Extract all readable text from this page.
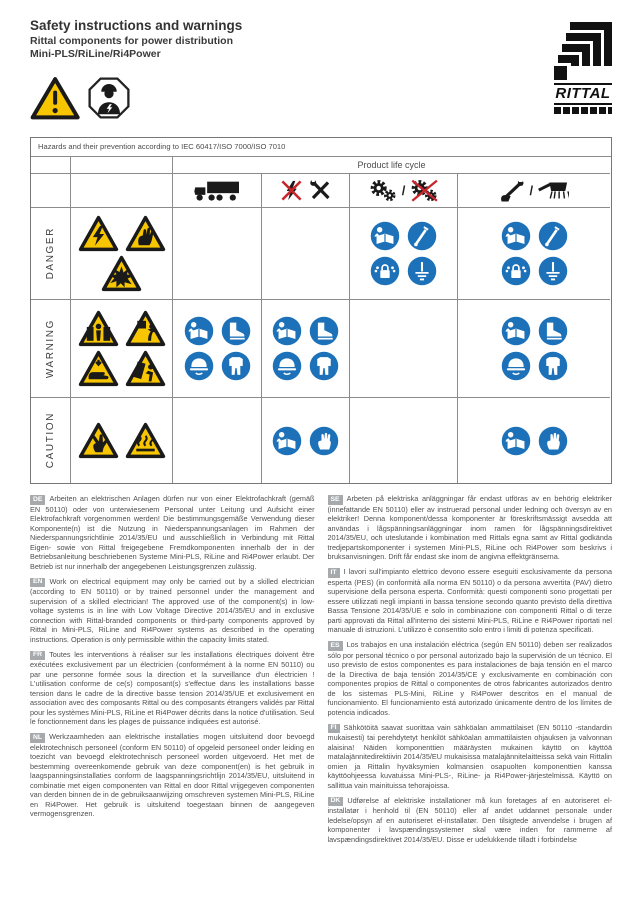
Safety instructions and warnings
Rittal components for power distribution
Mini-PLS/RiLine/Ri4Power
RITTAL
Hazards and their prevention according to IEC 60417/ISO 7000/ISO 7010
Product life cycle
/	/
DANGER
WARNING
CAUTION

DE Arbeiten an elektrischen Anlagen dürfen nur von einer Elektrofachkraft (gemäß EN 50110) oder von unterwiesenem Personal unter Leitung und Aufsicht einer Elektrofachkraft vorgenommen werden! Die bestimmungsgemäße Verwendung dieser Komponente(n) ist die Nutzung in Niederspannungsanlagen im Rahmen der Niederspannungsrichtlinie 2014/35/EU und ausschließlich in Verbindung mit Rittal Eigen- sowie von Rittal freigegebene Fremdkomponenten innerhalb der in der Betriebsanleitung beschriebenen Systeme Mini-PLS, RiLine and Ri4Power erlaubt. Der Betrieb ist nur innerhalb der angegebenen Leistungsgrenzen zulässig.

EN Work on electrical equipment may only be carried out by a skilled electrician (according to EN 50110) or by trained personnel under the management and supervision of a skilled electrician! The approved use of the component(s) in low-voltage systems is in line with Low Voltage Directive 2014/35/EU and in exclusive connection with Rittal-branded components or third-party components approved by Rittal in Mini-PLS, RiLine and Ri4Power systems as described in the operating instructions. Operation is only permissible within the capacity limits stated.

FR Toutes les interventions à réaliser sur les installations électriques doivent être exécutées exclusivement par un électricien (conformément à la norme EN 50110) ou par une personne formée sous la direction et la surveillance d'un électricien ! L'utilisation conforme de ce(s) composant(s) s'effectue dans les installations basse tension dans le cadre de la directive basse tension 2014/35/UE et exclusivement en association avec des composants Rittal ou des composants étrangers validés par Rittal pour les systèmes Mini-PLS, RiLine et Ri4Power décrits dans la notice d'utilisation. Seul le fonctionnement dans les plages de puissance indiquées est autorisé.

NL Werkzaamheden aan elektrische installaties mogen uitsluitend door bevoegd elektrotechnisch personeel (conform EN 50110) of opgeleid personeel onder leiding en toezicht van bevoegd elektrotechnisch personeel worden uitgevoerd. Het met de bestemming overeenkomende gebruik van deze component(en) is het gebruik in laagspanningsinstallaties conform de laagspanningsrichtlijn 2014/35/EU, uitsluitend in combinatie met eigen componenten van Rittal en door Rittal vrijgegeven componenten van derden binnen de in de gebruiksaanwijzing omschreven systemen Mini-PLS, RiLine en Ri4Power. Het gebruik is uitsluitend toegestaan binnen de aangegeven vermogensgrenzen.

SE Arbeten på elektriska anläggningar får endast utföras av en behörig elektriker (innefattande EN 50110) eller av instruerad personal under ledning och översyn av en elektriker! Denna komponent/dessa komponenter är föreskriftsmässigt avsedda att användas i lågspänningsanläggningar inom ramen för lågspänningsdirektivet 2014/35/EU, och uteslutande i kombination med Rittals egna samt av Rittal godkända tredjepartskomponenter i systemen Mini-PLS, RiLine och Ri4Power som beskrivs i bruksanvisningen. Drift får endast ske inom de angivna effektgränserna.

IT I lavori sull'impianto elettrico devono essere eseguiti esclusivamente da persona esperta (PES) (in conformità alla norma EN 50110) o da persona avvertita (PAV) dietro supervisione della persona esperta. Conformità: questi componenti sono progettati per essere utilizzati negli impianti in bassa tensione secondo quanto previsto della direttiva Bassa Tensione 2014/35/UE e solo in combinazione con componenti Rittal o di terze parti approvati da Rittal all'interno dei sistemi Mini-PLS, RiLine e Ri4Power riportati nel manuale di istruzioni. L'utilizzo è consentito solo entro i limiti di potenza specificati.

ES Los trabajos en una instalación eléctrica (según EN 50110) deben ser realizados sólo por personal técnico o por personal autorizado bajo la supervisión de un técnico. El uso previsto de estos componentes es para instalaciones de baja tensión en el marco de la Directiva de baja tensión 2014/35/CE y exclusivamente en combinación con componentes propios de Rittal o componentes de otros fabricantes autorizados dentro de los sistemas PLS-Mini, RiLine y Ri4Power descritos en el manual de funcionamiento. El funcionamiento está autorizado únicamente dentro de los límites de potencia indicados.

FI Sähkötöitä saavat suorittaa vain sähköalan ammattilaiset (EN 50110 -standardin mukaisesti) tai perehdytetyt henkilöt sähköalan ammattilaisten ohjauksen ja valvonnan alaisina! Näiden komponenttien määräysten mukainen käyttö on käyttöä matalajännitedirektiivin 2014/35/EU mukaisissa matalajännitelaitteissa sekä vain Rittalin omien ja Rittalin hyväksymien kolmansien osapuolten komponenttien kanssa käyttöohjeessa kuvatuissa Mini-PLS-, RiLine- ja Ri4Power-järjestelmissä. Käyttö on sallittua vain mainituissa tehorajoissa.

DK Udførelse af elektriske installationer må kun foretages af en autoriseret el-installatør i henhold til (EN 50110) eller af andet uddannet personale under ledelse/opsyn af en autoriseret el-installatør. Den tilsigtede anvendelse i brugen af komponenter i lavspændingssystemer skal være inden for rammerne af lavspændingsdirektivet 2014/35/EU. Disse er udelukkende tilladt i forbindelse
